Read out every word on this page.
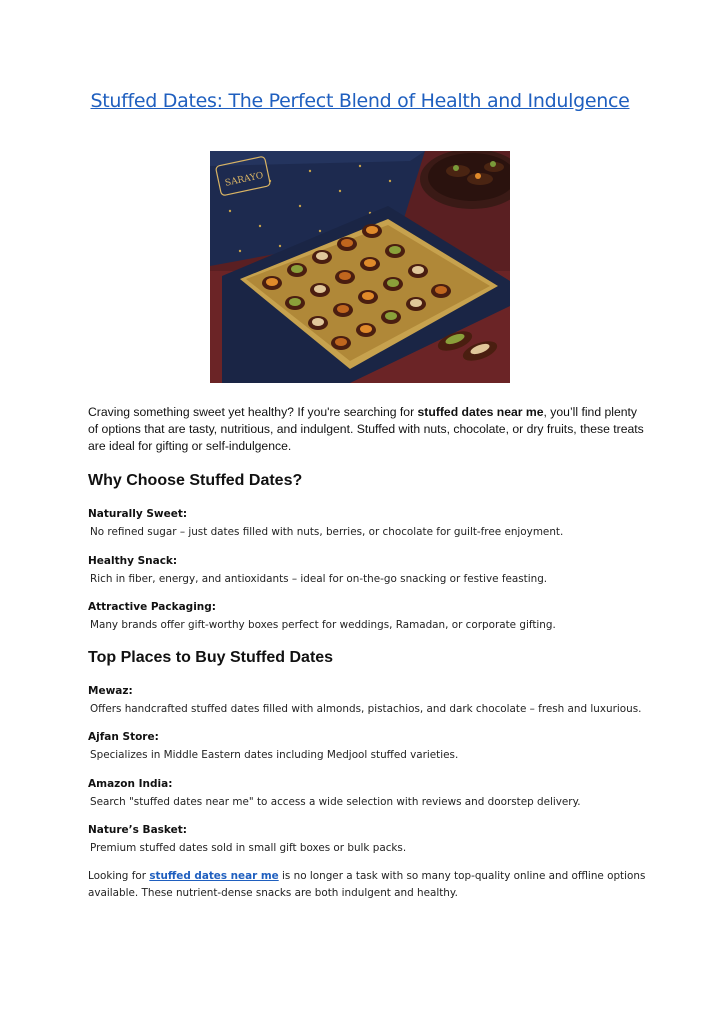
Stuffed Dates: The Perfect Blend of Health and Indulgence
SARAYO
Craving something sweet yet healthy? If you're searching for stuffed dates near me, you’ll find plenty of options that are tasty, nutritious, and indulgent. Stuffed with nuts, chocolate, or dry fruits, these treats are ideal for gifting or self-indulgence.
Why Choose Stuffed Dates?
Naturally Sweet:
No refined sugar – just dates filled with nuts, berries, or chocolate for guilt-free enjoyment.
Healthy Snack:
Rich in fiber, energy, and antioxidants – ideal for on-the-go snacking or festive feasting.
Attractive Packaging:
Many brands offer gift-worthy boxes perfect for weddings, Ramadan, or corporate gifting.
Top Places to Buy Stuffed Dates
Mewaz:
Offers handcrafted stuffed dates filled with almonds, pistachios, and dark chocolate – fresh and luxurious.
Ajfan Store:
Specializes in Middle Eastern dates including Medjool stuffed varieties.
Amazon India:
Search "stuffed dates near me" to access a wide selection with reviews and doorstep delivery.
Nature’s Basket:
Premium stuffed dates sold in small gift boxes or bulk packs.
Looking for stuffed dates near me is no longer a task with so many top-quality online and offline options available. These nutrient-dense snacks are both indulgent and healthy.
